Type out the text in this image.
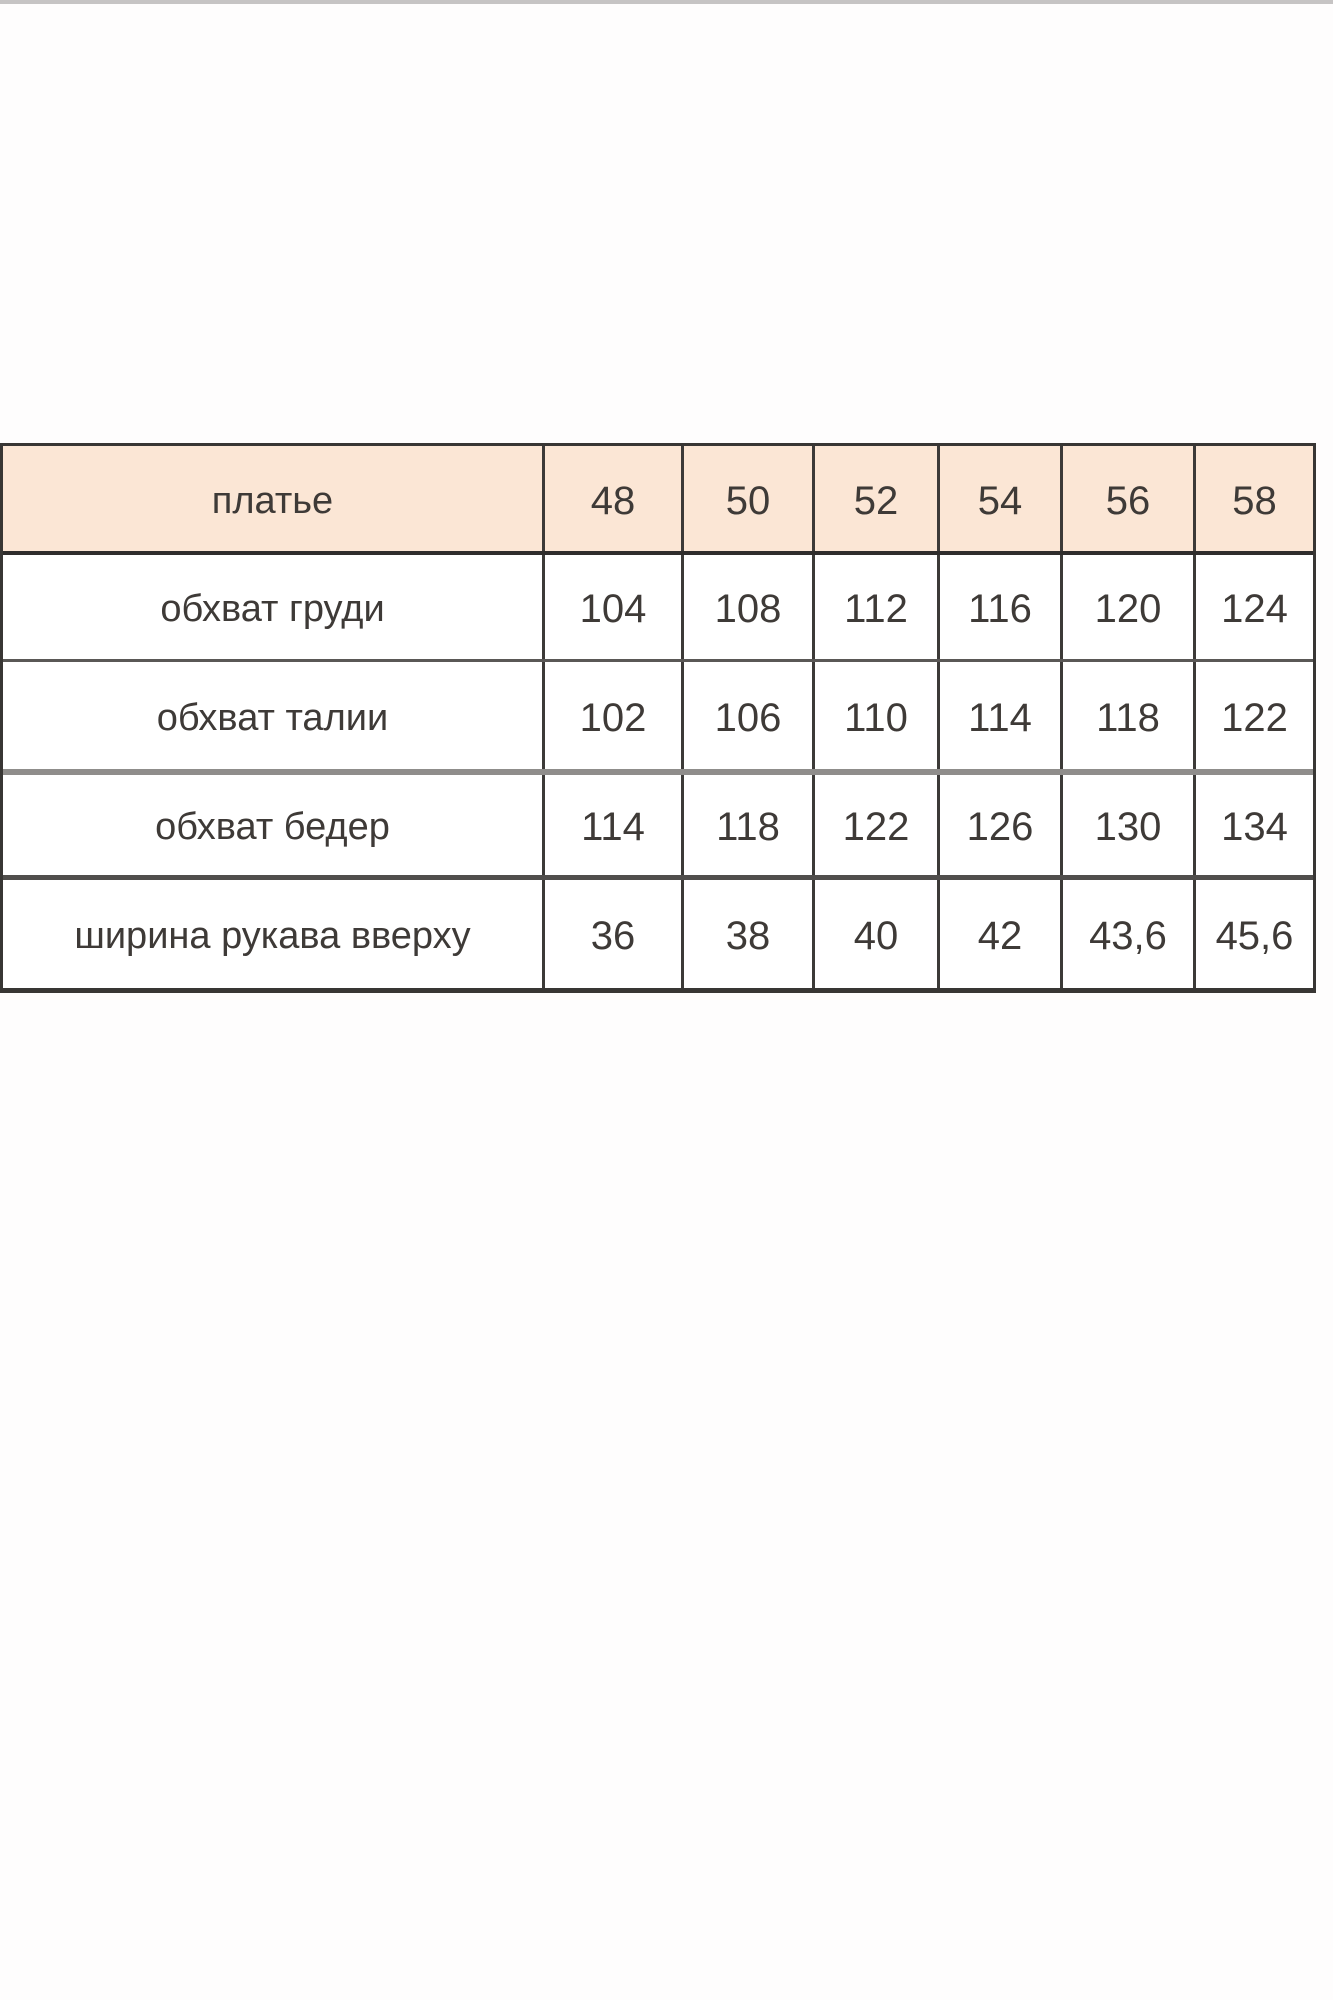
платье	48	50	52	54	56	58
обхват груди	104	108	112	116	120	124
обхват талии	102	106	110	114	118	122
обхват бедер	114	118	122	126	130	134
ширина рукава вверху	36	38	40	42	43,6	45,6
